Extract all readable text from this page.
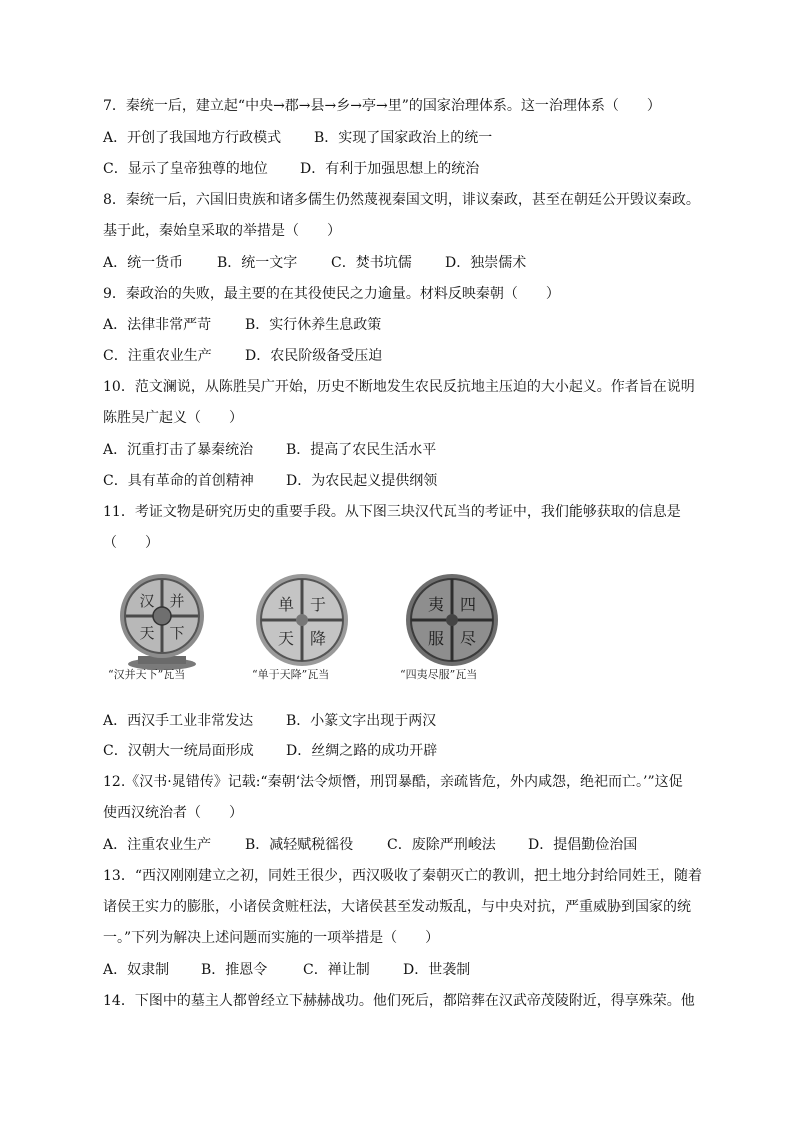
7．秦统一后，建立起“中央→郡→县→乡→亭→里”的国家治理体系。这一治理体系（　　）
A．开创了我国地方行政模式 B．实现了国家政治上的统一
C．显示了皇帝独尊的地位 D．有利于加强思想上的统治
8．秦统一后，六国旧贵族和诸多儒生仍然蔑视秦国文明，诽议秦政，甚至在朝廷公开毁议秦政。
基于此，秦始皇采取的举措是（　　）
A．统一货币 B．统一文字 C．焚书坑儒 D．独崇儒术
9．秦政治的失败，最主要的在其役使民之力逾量。材料反映秦朝（　　）
A．法律非常严苛 B．实行休养生息政策
C．注重农业生产 D．农民阶级备受压迫
10．范文澜说，从陈胜吴广开始，历史不断地发生农民反抗地主压迫的大小起义。作者旨在说明
陈胜吴广起义（　　）
A．沉重打击了暴秦统治 B．提高了农民生活水平
C．具有革命的首创精神 D．为农民起义提供纲领
11．考证文物是研究历史的重要手段。从下图三块汉代瓦当的考证中，我们能够获取的信息是
（　　）
汉 并
天 下
单 于
天 降
夷 四
服 尽
“汉并天下”瓦当	“单于天降”瓦当	“四夷尽服”瓦当
A．西汉手工业非常发达 B．小篆文字出现于两汉
C．汉朝大一统局面形成 D．丝绸之路的成功开辟
12.《汉书·晁错传》记载:“秦朝‘法令烦憯，刑罚暴酷，亲疏皆危，外内咸怨，绝祀而亡。’”这促
使西汉统治者（　　）
A．注重农业生产 B．减轻赋税徭役 C．废除严刑峻法 D．提倡勤俭治国
13．“西汉刚刚建立之初，同姓王很少，西汉吸收了秦朝灭亡的教训，把土地分封给同姓王，随着
诸侯王实力的膨胀，小诸侯贪赃枉法，大诸侯甚至发动叛乱，与中央对抗，严重威胁到国家的统
一。”下列为解决上述问题而实施的一项举措是（　　）
A．奴隶制 B．推恩令	C．禅让制 D．世袭制
14．下图中的墓主人都曾经立下赫赫战功。他们死后，都陪葬在汉武帝茂陵附近，得享殊荣。他
